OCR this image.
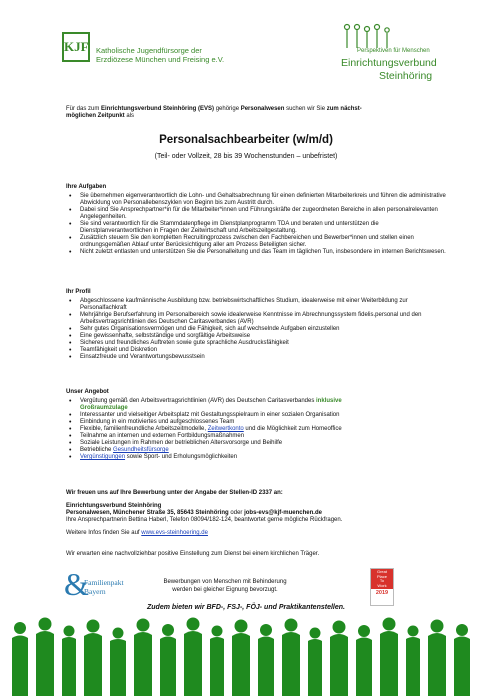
KJF Katholische Jugendfürsorge der
Erzdiözese München und Freising e.V.
Perspektiven für Menschen
Einrichtungsverbund
Steinhöring
Für das zum Einrichtungsverbund Steinhöring (EVS) gehörige Personalwesen suchen wir Sie zum nächst-
möglichen Zeitpunkt als
Personalsachbearbeiter (w/m/d)
(Teil- oder Vollzeit, 28 bis 39 Wochenstunden – unbefristet)
Ihre Aufgaben
• Sie übernehmen eigenverantwortlich die Lohn- und Gehaltsabrechnung für einen definierten Mitarbeiterkreis und führen die administrative Abwicklung von Personallebenszyklen von Beginn bis zum Austritt durch.
• Dabei sind Sie Ansprechpartner*in für die Mitarbeiter*innen und Führungskräfte der zugeordneten Bereiche in allen personalrelevanten Angelegenheiten.
• Sie sind verantwortlich für die Stammdatenpflege im Dienstplanprogramm TDA und beraten und unterstützen die Dienstplanverantwortlichen in Fragen der Zeitwirtschaft und Arbeitszeitgestaltung.
• Zusätzlich steuern Sie den kompletten Recruitingprozess zwischen den Fachbereichen und Bewerber*innen und stellen einen ordnungsgemäßen Ablauf unter Berücksichtigung aller am Prozess Beteiligten sicher.
• Nicht zuletzt entlasten und unterstützen Sie die Personalleitung und das Team im täglichen Tun, insbesondere im internen Berichtswesen.
Ihr Profil
• Abgeschlossene kaufmännische Ausbildung bzw. betriebswirtschaftliches Studium, idealerweise mit einer Weiterbildung zur Personalfachkraft
• Mehrjährige Berufserfahrung im Personalbereich sowie idealerweise Kenntnisse im Abrechnungssystem fidelis.personal und den Arbeitsvertragsrichtlinien des Deutschen Caritasverbandes (AVR)
• Sehr gutes Organisationsvermögen und die Fähigkeit, sich auf wechselnde Aufgaben einzustellen
• Eine gewissenhafte, selbstständige und sorgfältige Arbeitsweise
• Sicheres und freundliches Auftreten sowie gute sprachliche Ausdrucksfähigkeit
• Teamfähigkeit und Diskretion
• Einsatzfreude und Verantwortungsbewusstsein
Unser Angebot
• Vergütung gemäß den Arbeitsvertragsrichtlinien (AVR) des Deutschen Caritasverbandes inklusive
Großraumzulage
• Interessanter und vielseitiger Arbeitsplatz mit Gestaltungsspielraum in einer sozialen Organisation
• Einbindung in ein motiviertes und aufgeschlossenes Team
• Flexible, familienfreundliche Arbeitszeitmodelle, Zeitwertkonto und die Möglichkeit zum Homeoffice
• Teilnahme an internen und externen Fortbildungsmaßnahmen
• Soziale Leistungen im Rahmen der betrieblichen Altersvorsorge und Beihilfe
• Betriebliche Gesundheitsfürsorge
• Vergünstigungen sowie Sport- und Erholungsmöglichkeiten
Wir freuen uns auf Ihre Bewerbung unter der Angabe der Stellen-ID 2337 an:
Einrichtungsverbund Steinhöring
Personalwesen, Münchener Straße 35, 85643 Steinhöring oder jobs-evs@kjf-muenchen.de
Ihre Ansprechpartnerin Bettina Haberl, Telefon 08094/182-124, beantwortet gerne mögliche Rückfragen.
Weitere Infos finden Sie auf www.evs-steinhoering.de
Wir erwarten eine nachvollziehbar positive Einstellung zum Dienst bei einem kirchlichen Träger.
&
Familienpakt
Bayern
Bewerbungen von Menschen mit Behinderung
werden bei gleicher Eignung bevorzugt.
Great
Place
To
Work
2019
Zudem bieten wir BFD-, FSJ-, FÖJ- und Praktikantenstellen.
